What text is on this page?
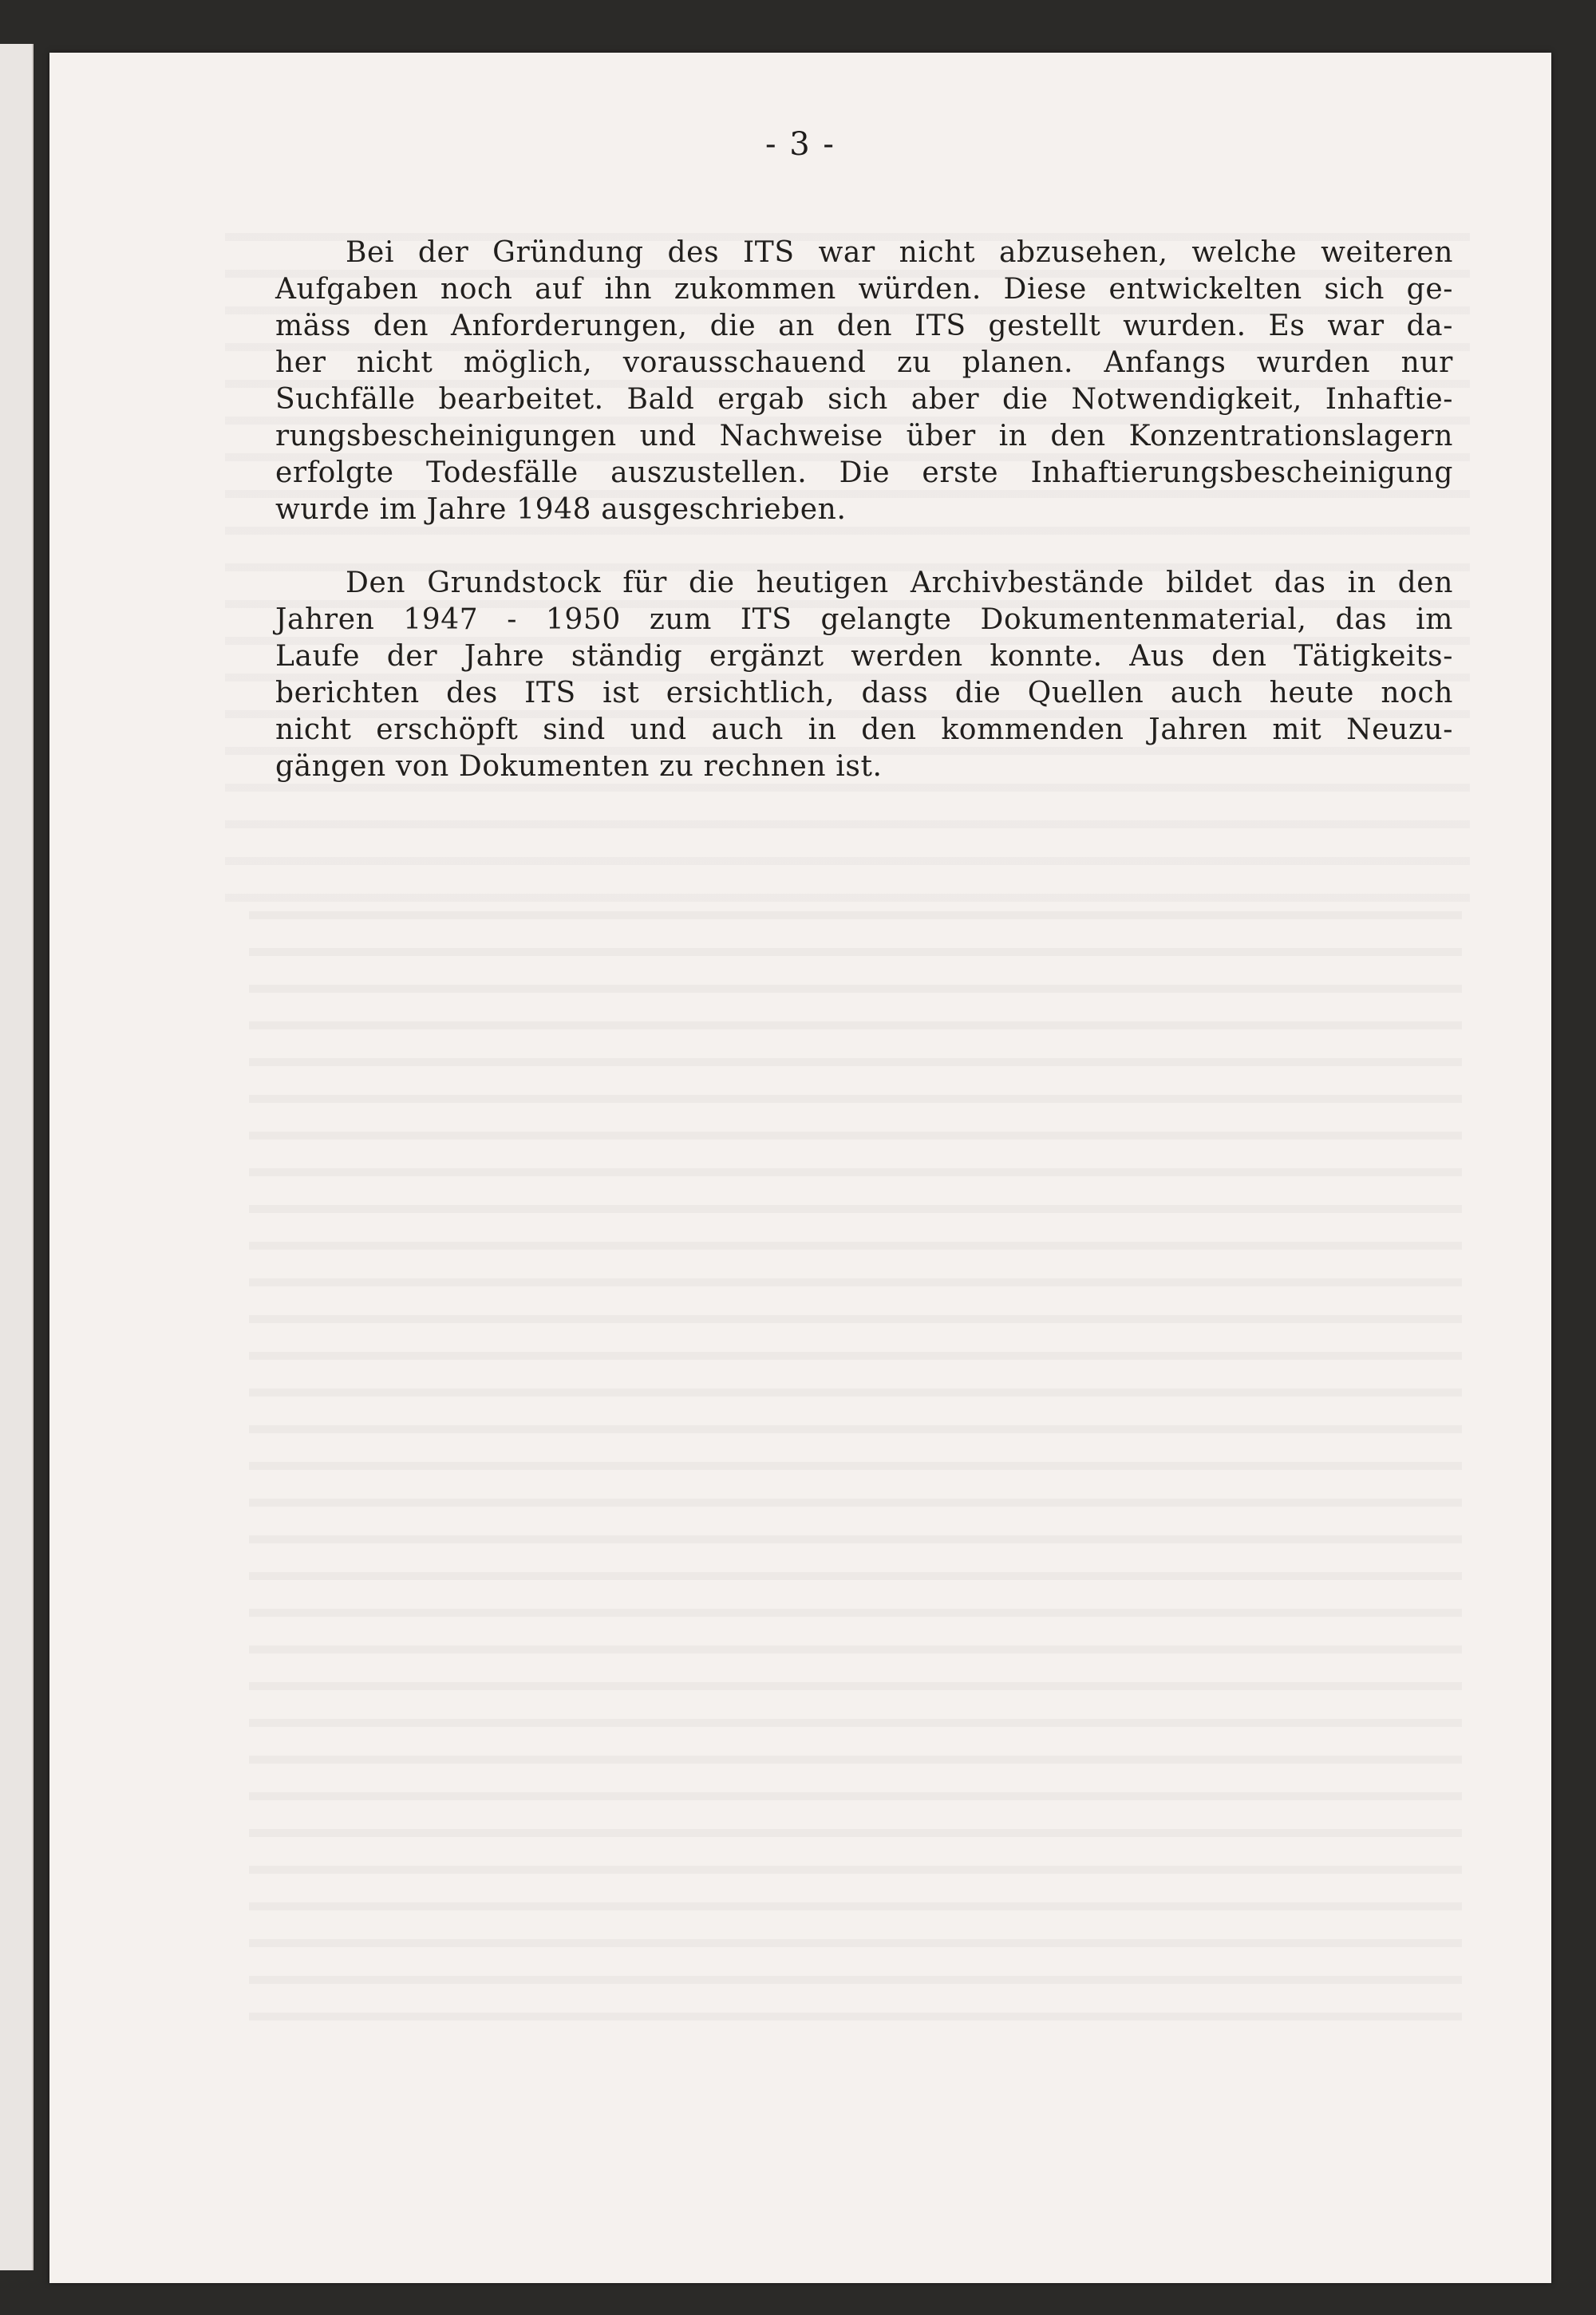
- 3 -

Bei der Gründung des ITS war nicht abzusehen, welche weiteren
Aufgaben noch auf ihn zukommen würden. Diese entwickelten sich ge-
mäss den Anforderungen, die an den ITS gestellt wurden. Es war da-
her nicht möglich, vorausschauend zu planen. Anfangs wurden nur
Suchfälle bearbeitet. Bald ergab sich aber die Notwendigkeit, Inhaftie-
rungsbescheinigungen und Nachweise über in den Konzentrationslagern
erfolgte Todesfälle auszustellen. Die erste Inhaftierungsbescheinigung
wurde im Jahre 1948 ausgeschrieben.

Den Grundstock für die heutigen Archivbestände bildet das in den
Jahren 1947 - 1950 zum ITS gelangte Dokumentenmaterial, das im
Laufe der Jahre ständig ergänzt werden konnte. Aus den Tätigkeits-
berichten des ITS ist ersichtlich, dass die Quellen auch heute noch
nicht erschöpft sind und auch in den kommenden Jahren mit Neuzu-
gängen von Dokumenten zu rechnen ist.
